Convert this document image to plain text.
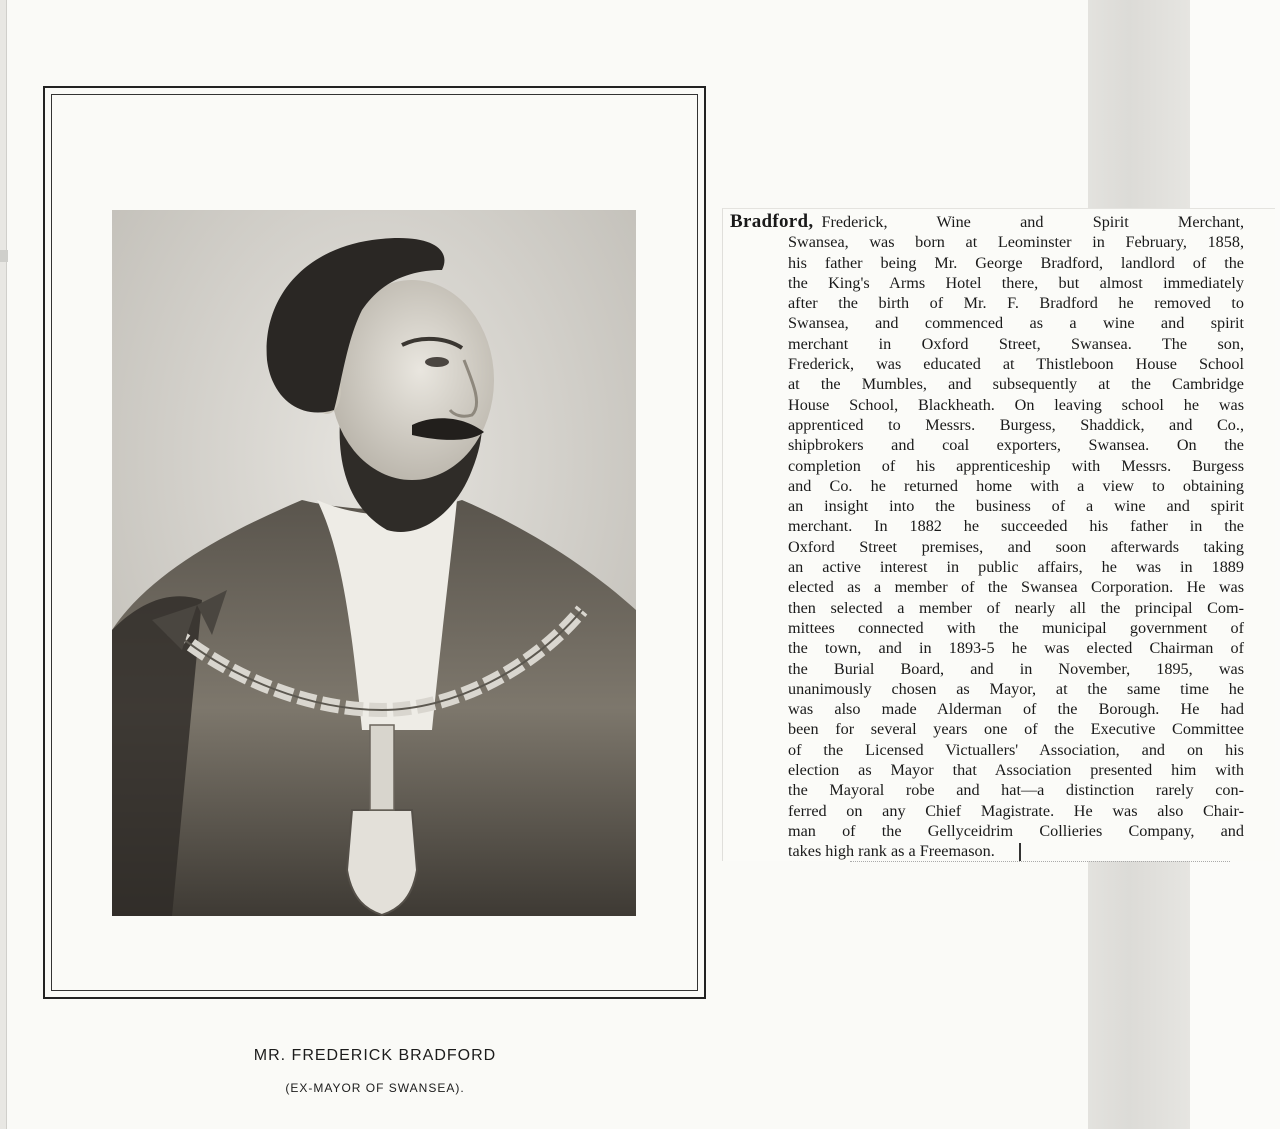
MR. FREDERICK BRADFORD
(EX-MAYOR OF SWANSEA).
Bradford, Frederick, Wine and Spirit Merchant,
Swansea, was born at Leominster in February, 1858,
his father being Mr. George Bradford, landlord of the
the King's Arms Hotel there, but almost immediately
after the birth of Mr. F. Bradford he removed to
Swansea, and commenced as a wine and spirit
merchant in Oxford Street, Swansea. The son,
Frederick, was educated at Thistleboon House School
at the Mumbles, and subsequently at the Cambridge
House School, Blackheath. On leaving school he was
apprenticed to Messrs. Burgess, Shaddick, and Co.,
shipbrokers and coal exporters, Swansea. On the
completion of his apprenticeship with Messrs. Burgess
and Co. he returned home with a view to obtaining
an insight into the business of a wine and spirit
merchant. In 1882 he succeeded his father in the
Oxford Street premises, and soon afterwards taking
an active interest in public affairs, he was in 1889
elected as a member of the Swansea Corporation. He was
then selected a member of nearly all the principal Com-
mittees connected with the municipal government of
the town, and in 1893-5 he was elected Chairman of
the Burial Board, and in November, 1895, was
unanimously chosen as Mayor, at the same time he
was also made Alderman of the Borough. He had
been for several years one of the Executive Committee
of the Licensed Victuallers' Association, and on his
election as Mayor that Association presented him with
the Mayoral robe and hat—a distinction rarely con-
ferred on any Chief Magistrate. He was also Chair-
man of the Gellyceidrim Collieries Company, and
takes high rank as a Freemason.
